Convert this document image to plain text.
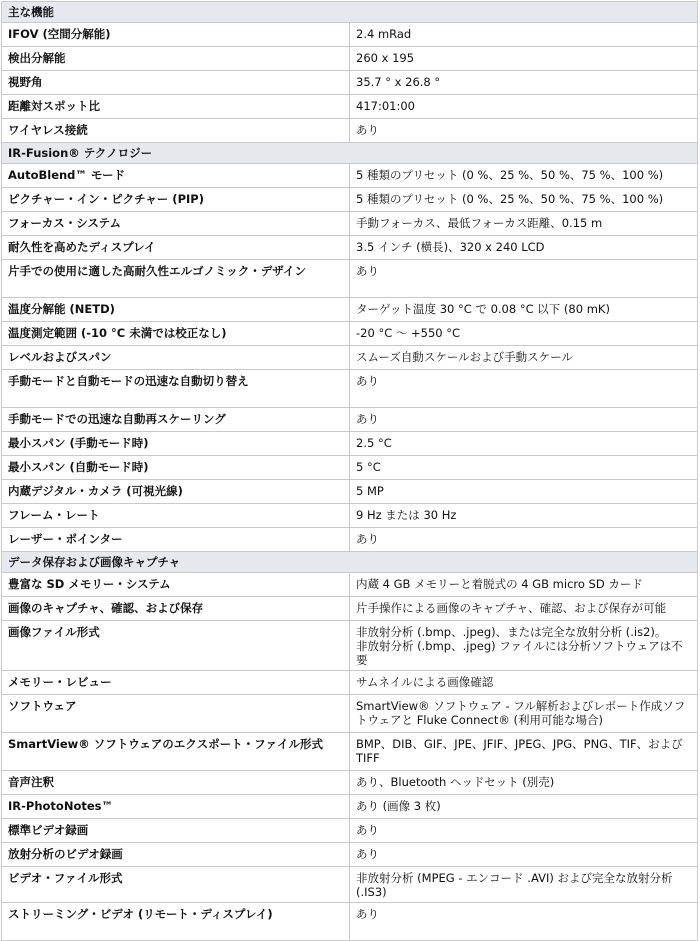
主な機能	
IFOV (空間分解能)	2.4 mRad
検出分解能	260 x 195
視野角	35.7 ° x 26.8 °
距離対スポット比	417:01:00
ワイヤレス接続	あり
IR-Fusion® テクノロジー	
AutoBlend™ モード	5 種類のプリセット (0 %、25 %、50 %、75 %、100 %)
ピクチャー・イン・ピクチャー (PIP)	5 種類のプリセット (0 %、25 %、50 %、75 %、100 %)
フォーカス・システム	手動フォーカス、最低フォーカス距離、0.15 m
耐久性を高めたディスプレイ	3.5 インチ (横長)、320 x 240 LCD
片手での使用に適した高耐久性エルゴノミック・デザイン	あり
温度分解能 (NETD)	ターゲット温度 30 °C で 0.08 °C 以下 (80 mK)
温度測定範囲 (-10 °C 未満では校正なし)	-20 °C ～ +550 °C
レベルおよびスパン	スムーズ自動スケールおよび手動スケール
手動モードと自動モードの迅速な自動切り替え	あり
手動モードでの迅速な自動再スケーリング	あり
最小スパン (手動モード時)	2.5 °C
最小スパン (自動モード時)	5 °C
内蔵デジタル・カメラ (可視光線)	5 MP
フレーム・レート	9 Hz または 30 Hz
レーザー・ポインター	あり
データ保存および画像キャプチャ	
豊富な SD メモリー・システム	内蔵 4 GB メモリーと着脱式の 4 GB micro SD カード
画像のキャプチャ、確認、および保存	片手操作による画像のキャプチャ、確認、および保存が可能
画像ファイル形式	非放射分析 (.bmp、.jpeg)、または完全な放射分析 (.is2)。
非放射分析 (.bmp、.jpeg) ファイルには分析ソフトウェアは不要
メモリー・レビュー	サムネイルによる画像確認
ソフトウェア	SmartView® ソフトウェア - フル解析およびレポート作成ソフトウェアと Fluke Connect® (利用可能な場合)
SmartView® ソフトウェアのエクスポート・ファイル形式	BMP、DIB、GIF、JPE、JFIF、JPEG、JPG、PNG、TIF、および TIFF
音声注釈	あり、Bluetooth ヘッドセット (別売)
IR-PhotoNotes™	あり (画像 3 枚)
標準ビデオ録画	あり
放射分析のビデオ録画	あり
ビデオ・ファイル形式	非放射分析 (MPEG - エンコード .AVI) および完全な放射分析 (.IS3)
ストリーミング・ビデオ (リモート・ディスプレイ)	あり
